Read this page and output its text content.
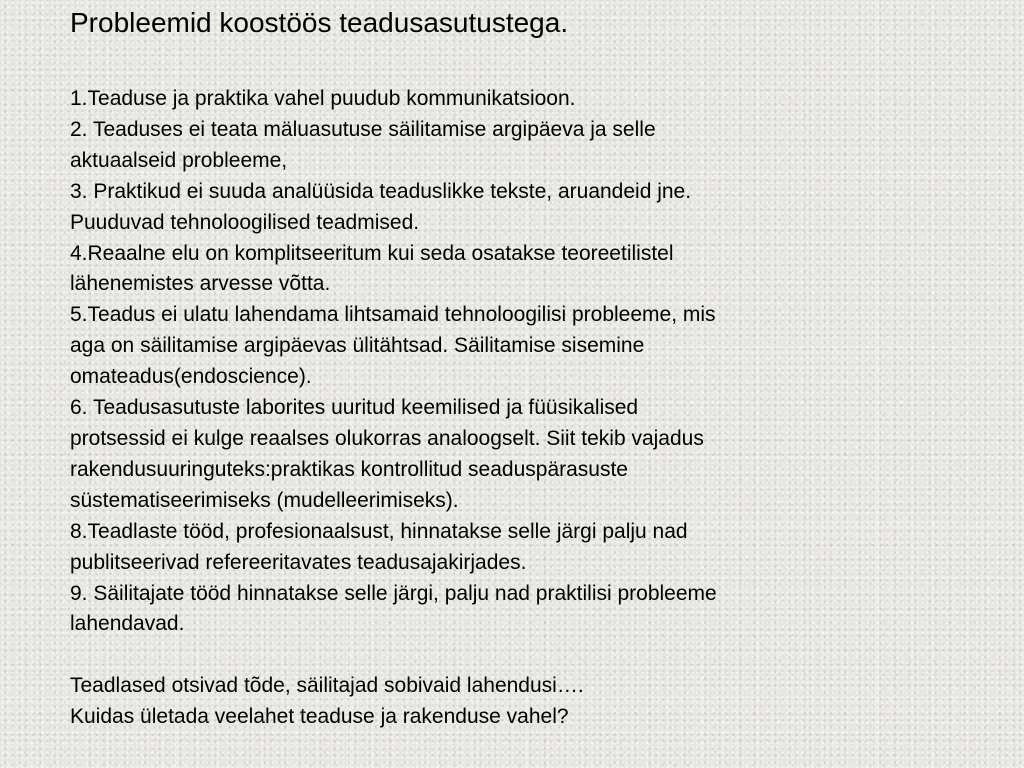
Probleemid koostöös teadusasutustega.

1.Teaduse ja praktika vahel puudub kommunikatsioon.

2. Teaduses ei teata mäluasutuse säilitamise argipäeva ja selle

aktuaalseid probleeme,

3. Praktikud ei suuda analüüsida teaduslikke tekste, aruandeid jne.

Puuduvad tehnoloogilised teadmised.

4.Reaalne elu on komplitseeritum kui seda osatakse teoreetilistel

lähenemistes arvesse võtta.

5.Teadus ei ulatu lahendama lihtsamaid tehnoloogilisi probleeme, mis

aga on säilitamise argipäevas ülitähtsad. Säilitamise sisemine

omateadus(endoscience).

6. Teadusasutuste laborites uuritud keemilised ja füüsikalised

protsessid ei kulge reaalses olukorras analoogselt. Siit tekib vajadus

rakendusuuringuteks:praktikas kontrollitud seaduspärasuste

süstematiseerimiseks (mudelleerimiseks).

8.Teadlaste tööd, profesionaalsust, hinnatakse selle järgi palju nad

publitseerivad refereeritavates teadusajakirjades.

9. Säilitajate tööd hinnatakse selle järgi, palju nad praktilisi probleeme

lahendavad.

Teadlased otsivad tõde, säilitajad sobivaid lahendusi….

Kuidas ületada veelahet teaduse ja rakenduse vahel?
